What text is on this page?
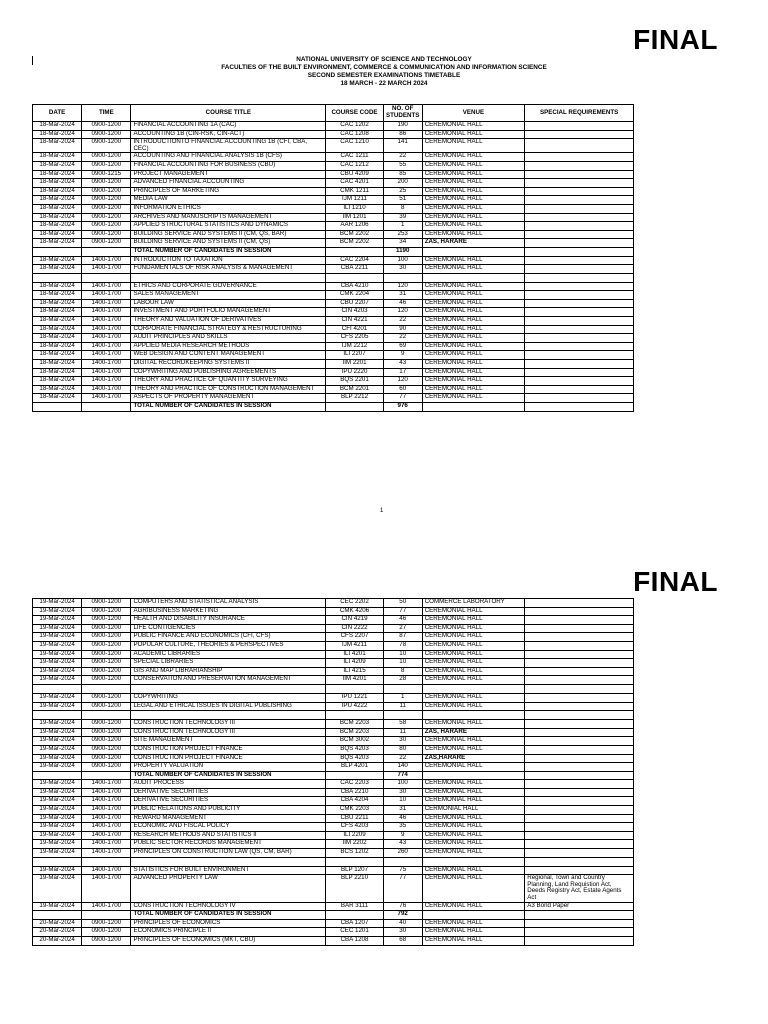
FINAL
NATIONAL UNIVERSITY OF SCIENCE AND TECHNOLOGY
FACULTIES OF THE BUILT ENVIRONMENT, COMMERCE & COMMUNICATION AND INFORMATION SCIENCE
SECOND SEMESTER EXAMINATIONS TIMETABLE
18 MARCH - 22 MARCH 2024
DATE	TIME	COURSE TITLE	COURSE CODE	NO. OF STUDENTS	VENUE	SPECIAL REQUIREMENTS
18-Mar-2024	0900-1200	FINANCIAL ACCOUNTING 1A (CAC)	CAC 1202	190	CEREMONIAL HALL	
18-Mar-2024	0900-1200	ACCOUNTING 1B (CIN-RSK, CIN-ACT)	CAC 1208	86	CEREMONIAL HALL	
18-Mar-2024	0900-1200	INTRODUCTIONTO FINANCIAL ACCOUNTING 1B (CFI, CBA, CEC)	CAC 1210	141	CEREMONIAL HALL	
18-Mar-2024	0900-1200	ACCOUNTING AND FINANCIAL ANALYSIS 1B (CFS)	CAC 1211	22	CEREMONIAL HALL	
18-Mar-2024	0900-1200	FINANCIAL ACCOUNTING FOR BUSINESS (CBU)	CAC 1212	55	CEREMONIAL HALL	
18-Mar-2024	0900-1215	PROJECT MANAGEMENT	CBU 4209	85	CEREMONIAL HALL	
18-Mar-2024	0900-1200	ADVANCED FINANCIAL ACCOUNTING	CAC 4201	200	CEREMONIAL HALL	
18-Mar-2024	0900-1200	PRINCIPLES OF MARKETING	CMK 1211	25	CEREMONIAL HALL	
18-Mar-2024	0900-1200	MEDIA LAW	IJM 1211	51	CEREMONIAL HALL	
18-Mar-2024	0900-1200	INFORMATION ETHICS	ILI 1210	8	CEREMONIAL HALL	
18-Mar-2024	0900-1200	ARCHIVES AND MANUSCRIPTS MANAGEMENT	IIM 1201	39	CEREMONIAL HALL	
18-Mar-2024	0900-1200	APPLIED STRUCTURAL STATISTICS AND DYNAMICS	AAR 1206	1	CEREMONIAL HALL	
18-Mar-2024	0900-1200	BUILDING SERVICE AND SYSTEMS II (CM, QS, BAR)	BCM 2202	253	CEREMONIAL HALL	
18-Mar-2024	0900-1200	BUILDING SERVICE AND SYSTEMS II (CM, QS)	BCM 2202	34	ZAS, HARARE	
		TOTAL NUMBER OF CANDIDATES IN SESSION		1190		
18-Mar-2024	1400-1700	INTRODUCTION TO TAXATION	CAC 2204	100	CEREMONIAL HALL	
18-Mar-2024	1400-1700	FUNDAMENTALS OF RISK ANALYSIS & MANAGEMENT	CBA 2211	30	CEREMONIAL HALL	

18-Mar-2024	1400-1700	ETHICS AND CORPORATE GOVERNANCE	CBA 4210	120	CEREMONIAL HALL	
18-Mar-2024	1400-1700	SALES MANAGEMENT	CMK 2204	31	CEREMONIAL HALL	
18-Mar-2024	1400-1700	LABOUR LAW	CBU 2207	46	CEREMONIAL HALL	
18-Mar-2024	1400-1700	INVESTMENT AND PORTFOLIO MANAGEMENT	CIN 4203	120	CEREMONIAL HALL	
18-Mar-2024	1400-1700	THEORY AND VALUATION OF DERIVATIVES	CIN 4221	22	CEREMONIAL HALL	
18-Mar-2024	1400-1700	CORPORATE FINANCIAL STRATEGY & RESTRUCTURING	CFI 4201	90	CEREMONIAL HALL	
18-Mar-2024	1400-1700	AUDIT PRINCIPLES AND SKILLS	CFS 2205	22	CEREMONIAL HALL	
18-Mar-2024	1400-1700	APPLIED MEDIA RESEARCH METHODS	IJM 2212	69	CEREMONIAL HALL	
18-Mar-2024	1400-1700	WEB DESIGN AND CONTENT MANAGEMENT	ILI 2207	9	CEREMONIAL HALL	
18-Mar-2024	1400-1700	DIGITAL RECORDKEEPING SYSTEMS II	IIM 2201	43	CEREMONIAL HALL	
18-Mar-2024	1400-1700	COPYWRITING AND PUBLISHING AGREEMENTS	IPU 2220	17	CEREMONIAL HALL	
18-Mar-2024	1400-1700	THEORY AND PRACTICE OF QUANTITY SURVEYING	BQS 2201	120	CEREMONIAL HALL	
18-Mar-2024	1400-1700	THEORY AND PRACTICE OF CONSTRUCTION MANAGEMENT	BCM 2201	60	CEREMONIAL HALL	
18-Mar-2024	1400-1700	ASPECTS OF PROPERTY MANAGEMENT	BLP 2212	77	CEREMONIAL HALL	
		TOTAL NUMBER OF CANDIDATES IN SESSION		976		
1
FINAL
19-Mar-2024	0900-1200	COMPUTERS AND STATISTICAL ANALYSIS	CEC 2202	50	COMMERCE LABORATORY	
19-Mar-2024	0900-1200	AGRIBUSINESS MARKETING	CMK 4206	77	CEREMONIAL HALL	
19-Mar-2024	0900-1200	HEALTH AND DISABILITY INSURANCE	CIN 4219	46	CEREMONIAL HALL	
19-Mar-2024	0900-1200	LIFE CONTIGENCIES	CIN 2222	27	CEREMONIAL HALL	
19-Mar-2024	0900-1200	PUBLIC FINANCE AND ECONOMICS (CFI, CFS)	CFS 2207	87	CEREMONIAL HALL	
19-Mar-2024	0900-1200	POPULAR CULTURE, THEORIES & PERSPECTIVES	IJM 4211	78	CEREMONIAL HALL	
19-Mar-2024	0900-1200	ACADEMIC LIBRARIES	ILI 4201	10	CEREMONIAL HALL	
19-Mar-2024	0900-1200	SPECIAL LIBRARIES	ILI 4209	10	CEREMONIAL HALL	
19-Mar-2024	0900-1200	GIS AND MAP LIBRARIANSHIP	ILI 4215	8	CEREMONIAL HALL	
19-Mar-2024	0900-1200	CONSERVATION AND PRESERVATION MANAGEMENT	IIM 4201	28	CEREMONIAL HALL	

19-Mar-2024	0900-1200	COPYWRITING	IPU 1221	1	CEREMONIAL HALL	
19-Mar-2024	0900-1200	LEGAL AND ETHICAL ISSUES IN DIGITAL PUBLISHING	IPU 4222	11	CEREMONIAL HALL	

19-Mar-2024	0900-1200	CONSTRUCTION TECHNOLOGY III	BCM 2203	58	CEREMONIAL HALL	
19-Mar-2024	0900-1200	CONSTRUCTION TECHNOLOGY III	BCM 2203	11	ZAS, HARARE	
19-Mar-2024	0900-1200	SITE MANAGEMENT	BCM 3002	30	CEREMONIAL HALL	
19-Mar-2024	0900-1200	CONSTRUCTION PROJECT FINANCE	BQS 4203	80	CEREMONIAL HALL	
19-Mar-2024	0900-1200	CONSTRUCTION PROJECT FINANCE	BQS 4203	22	ZAS,HARARE	
19-Mar-2024	0900-1200	PROPERTY VALUATION	BLP 4201	140	CEREMONIAL HALL	
		TOTAL NUMBER OF CANDIDATES IN SESSION		774		
19-Mar-2024	1400-1700	AUDIT PROCESS	CAC 2203	100	CEREMONIAL HALL	
19-Mar-2024	1400-1700	DERIVATIVE SECURITIES	CBA 2210	30	CEREMONIAL HALL	
19-Mar-2024	1400-1700	DERIVATIVE SECURITIES	CBA 4204	10	CEREMONIAL HALL	
19-Mar-2024	1400-1700	PUBLIC RELATIONS AND PUBLICITY	CMK 2203	31	CERMONIAL HALL	
19-Mar-2024	1400-1700	REWARD MANAGEMENT	CBU 2211	46	CEREMONIAL HALL	
19-Mar-2024	1400-1700	ECONOMIC AND FISCAL POLICY	CFS 4203	35	CEREMONIAL HALL	
19-Mar-2024	1400-1700	RESEARCH METHODS AND STATISTICS II	ILI 2209	9	CEREMONIAL HALL	
19-Mar-2024	1400-1700	PUBLIC SECTOR RECORDS MANAGEMENT	IIM 2202	43	CEREMONIAL HALL	
19-Mar-2024	1400-1700	PRINCIPLES ON CONSTRUCTION LAW (QS, CM, BAR)	BCS 1202	260	CEREMONIAL HALL	

19-Mar-2024	1400-1700	STATISTICS FOR BUILT ENVIRONMENT	BLP 1207	75	CEREMONIAL HALL	
19-Mar-2024	1400-1700	ADVANCED PROPERTY LAW	BLP 2210	77	CEREMONIAL HALL	Regional, Town and Country Planning, Land Requistion Act, Deeds Registry Act, Estate Agents Act
19-Mar-2024	1400-1700	CONSTRUCTION TECHNOLOGY IV	BAR 3111	76	CEREMONIAL HALL	A3 Bond Paper
		TOTAL NUMBER OF CANDIDATES IN SESSION		792		
20-Mar-2024	0900-1200	PRINCIPLES OF ECONOMICS	CBA 1207	40	CEREMONIAL HALL	
20-Mar-2024	0900-1200	ECONOMICS PRINCIPLE II	CEC 1201	30	CEREMONIAL HALL	
20-Mar-2024	0900-1200	PRINCIPLES OF ECONOMICS (MKT, CBU)	CBA 1208	68	CEREMONIAL HALL	
